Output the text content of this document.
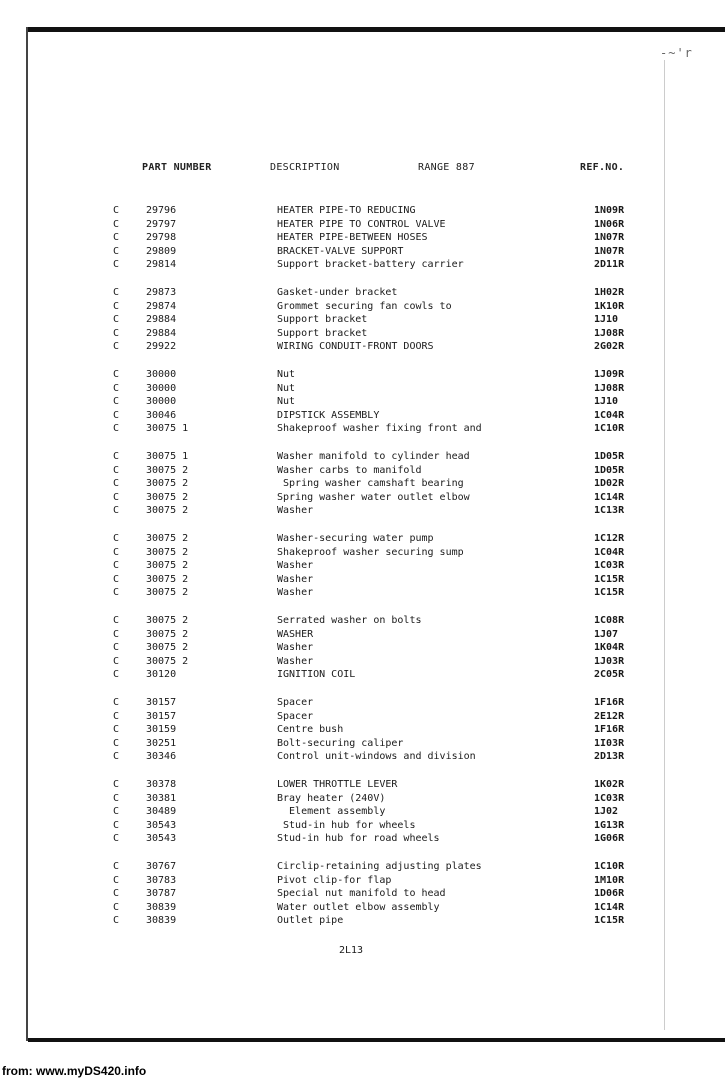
-~'r
PART NUMBER	DESCRIPTION	RANGE 887	REF.NO.
C	29796	HEATER PIPE-TO REDUCING	1N09R
C	29797	HEATER PIPE TO CONTROL VALVE	1N06R
C	29798	HEATER PIPE-BETWEEN HOSES	1N07R
C	29809	BRACKET-VALVE SUPPORT	1N07R
C	29814	Support bracket-battery carrier	2D11R
C	29873	Gasket-under bracket	1H02R
C	29874	Grommet securing fan cowls to	1K10R
C	29884	Support bracket	1J10
C	29884	Support bracket	1J08R
C	29922	WIRING CONDUIT-FRONT DOORS	2G02R
C	30000	Nut	1J09R
C	30000	Nut	1J08R
C	30000	Nut	1J10
C	30046	DIPSTICK ASSEMBLY	1C04R
C	30075 1	Shakeproof washer fixing front and	1C10R
C	30075 1	Washer manifold to cylinder head	1D05R
C	30075 2	Washer carbs to manifold	1D05R
C	30075 2	Spring washer camshaft bearing	1D02R
C	30075 2	Spring washer water outlet elbow	1C14R
C	30075 2	Washer	1C13R
C	30075 2	Washer-securing water pump	1C12R
C	30075 2	Shakeproof washer securing sump	1C04R
C	30075 2	Washer	1C03R
C	30075 2	Washer	1C15R
C	30075 2	Washer	1C15R
C	30075 2	Serrated washer on bolts	1C08R
C	30075 2	WASHER	1J07
C	30075 2	Washer	1K04R
C	30075 2	Washer	1J03R
C	30120	IGNITION COIL	2C05R
C	30157	Spacer	1F16R
C	30157	Spacer	2E12R
C	30159	Centre bush	1F16R
C	30251	Bolt-securing caliper	1I03R
C	30346	Control unit-windows and division	2D13R
C	30378	LOWER THROTTLE LEVER	1K02R
C	30381	Bray heater (240V)	1C03R
C	30489	Element assembly	1J02
C	30543	Stud-in hub for wheels	1G13R
C	30543	Stud-in hub for road wheels	1G06R
C	30767	Circlip-retaining adjusting plates	1C10R
C	30783	Pivot clip-for flap	1M10R
C	30787	Special nut manifold to head	1D06R
C	30839	Water outlet elbow assembly	1C14R
C	30839	Outlet pipe	1C15R
2L13
from: www.myDS420.info
